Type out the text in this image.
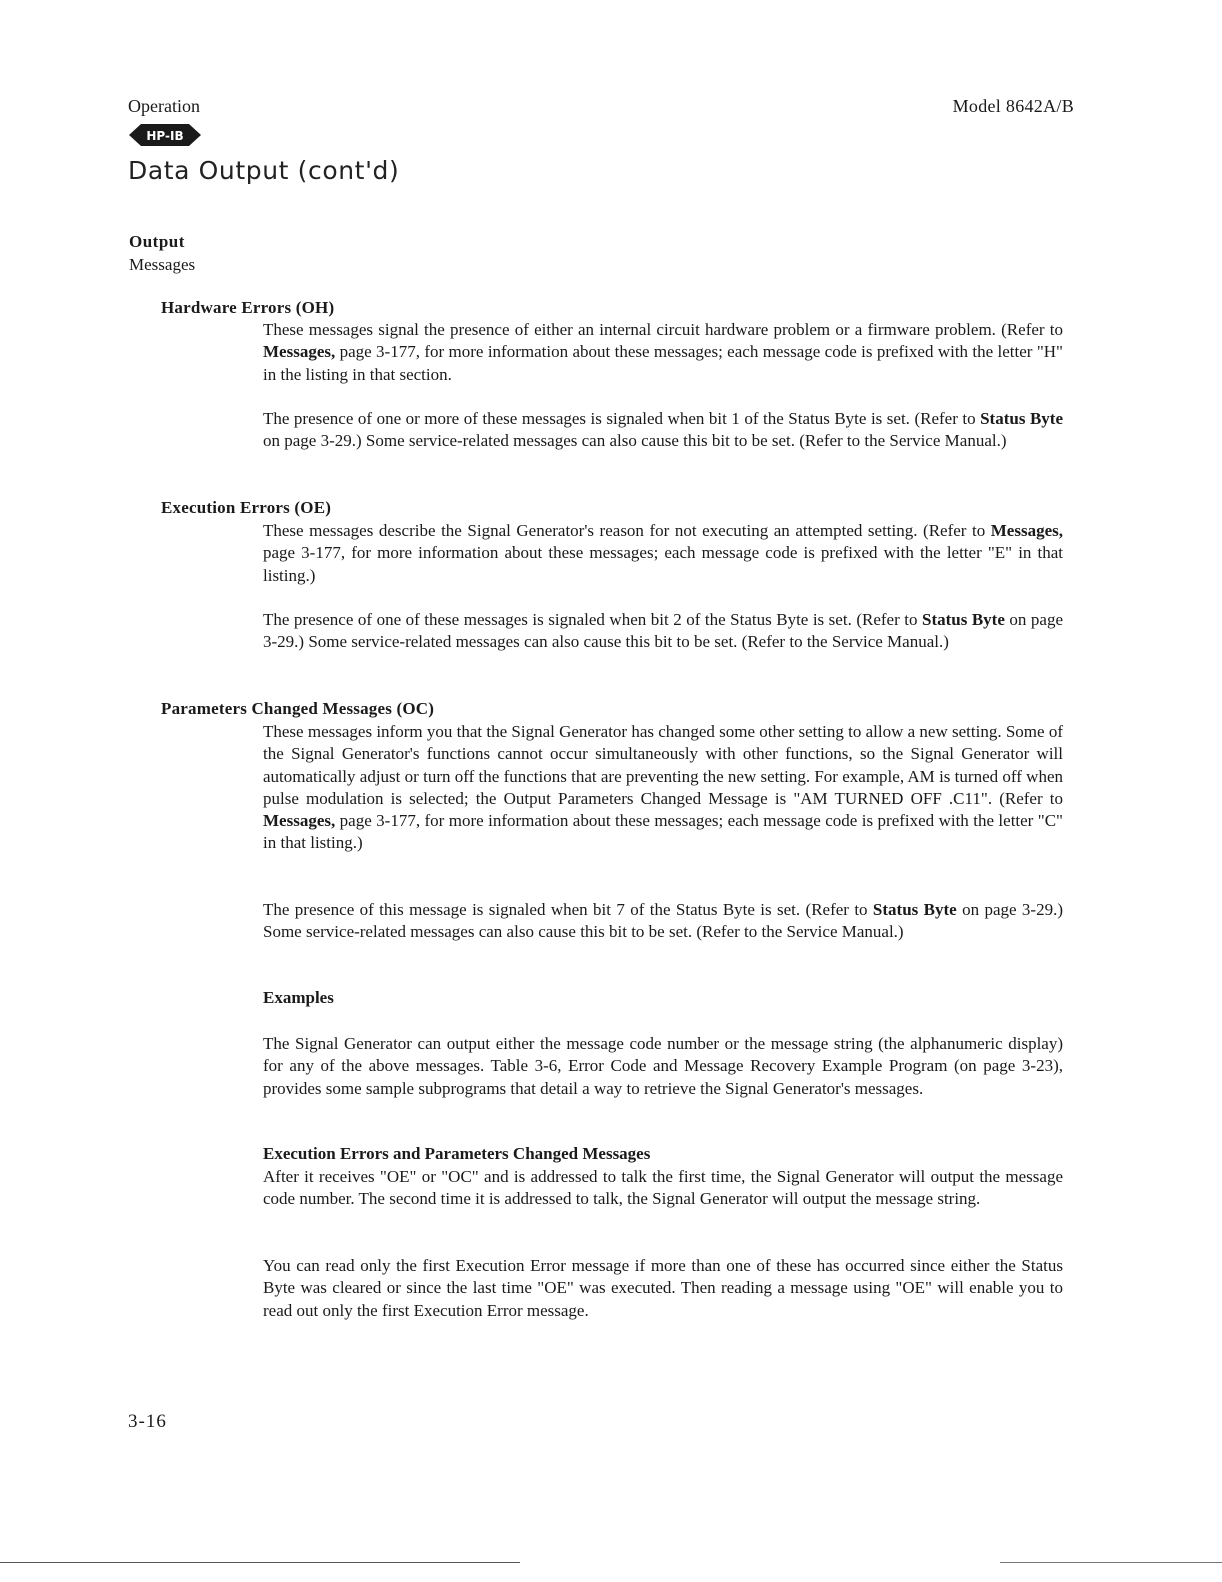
Operation	Model 8642A/B
HP-IB
Data Output (cont'd)
Output
Messages
Hardware Errors (OH)

These messages signal the presence of either an internal circuit hardware problem or a firmware problem. (Refer to Messages, page 3-177, for more information about these messages; each message code is prefixed with the letter "H" in the listing in that section.

The presence of one or more of these messages is signaled when bit 1 of the Status Byte is set. (Refer to Status Byte on page 3-29.) Some service-related messages can also cause this bit to be set. (Refer to the Service Manual.)

Execution Errors (OE)

These messages describe the Signal Generator's reason for not executing an attempted setting. (Refer to Messages, page 3-177, for more information about these messages; each message code is prefixed with the letter "E" in that listing.)

The presence of one of these messages is signaled when bit 2 of the Status Byte is set. (Refer to Status Byte on page 3-29.) Some service-related messages can also cause this bit to be set. (Refer to the Service Manual.)

Parameters Changed Messages (OC)

These messages inform you that the Signal Generator has changed some other setting to allow a new setting. Some of the Signal Generator's functions cannot occur simultaneously with other functions, so the Signal Generator will automatically adjust or turn off the functions that are preventing the new setting. For example, AM is turned off when pulse modulation is selected; the Output Parameters Changed Message is "AM TURNED OFF .C11". (Refer to Messages, page 3-177, for more information about these messages; each message code is prefixed with the letter "C" in that listing.)

The presence of this message is signaled when bit 7 of the Status Byte is set. (Refer to Status Byte on page 3-29.) Some service-related messages can also cause this bit to be set. (Refer to the Service Manual.)

Examples

The Signal Generator can output either the message code number or the message string (the alphanumeric display) for any of the above messages. Table 3-6, Error Code and Message Recovery Example Program (on page 3-23), provides some sample subprograms that detail a way to retrieve the Signal Generator's messages.

Execution Errors and Parameters Changed Messages

After it receives "OE" or "OC" and is addressed to talk the first time, the Signal Generator will output the message code number. The second time it is addressed to talk, the Signal Generator will output the message string.

You can read only the first Execution Error message if more than one of these has occurred since either the Status Byte was cleared or since the last time "OE" was executed. Then reading a message using "OE" will enable you to read out only the first Execution Error message.

3-16
